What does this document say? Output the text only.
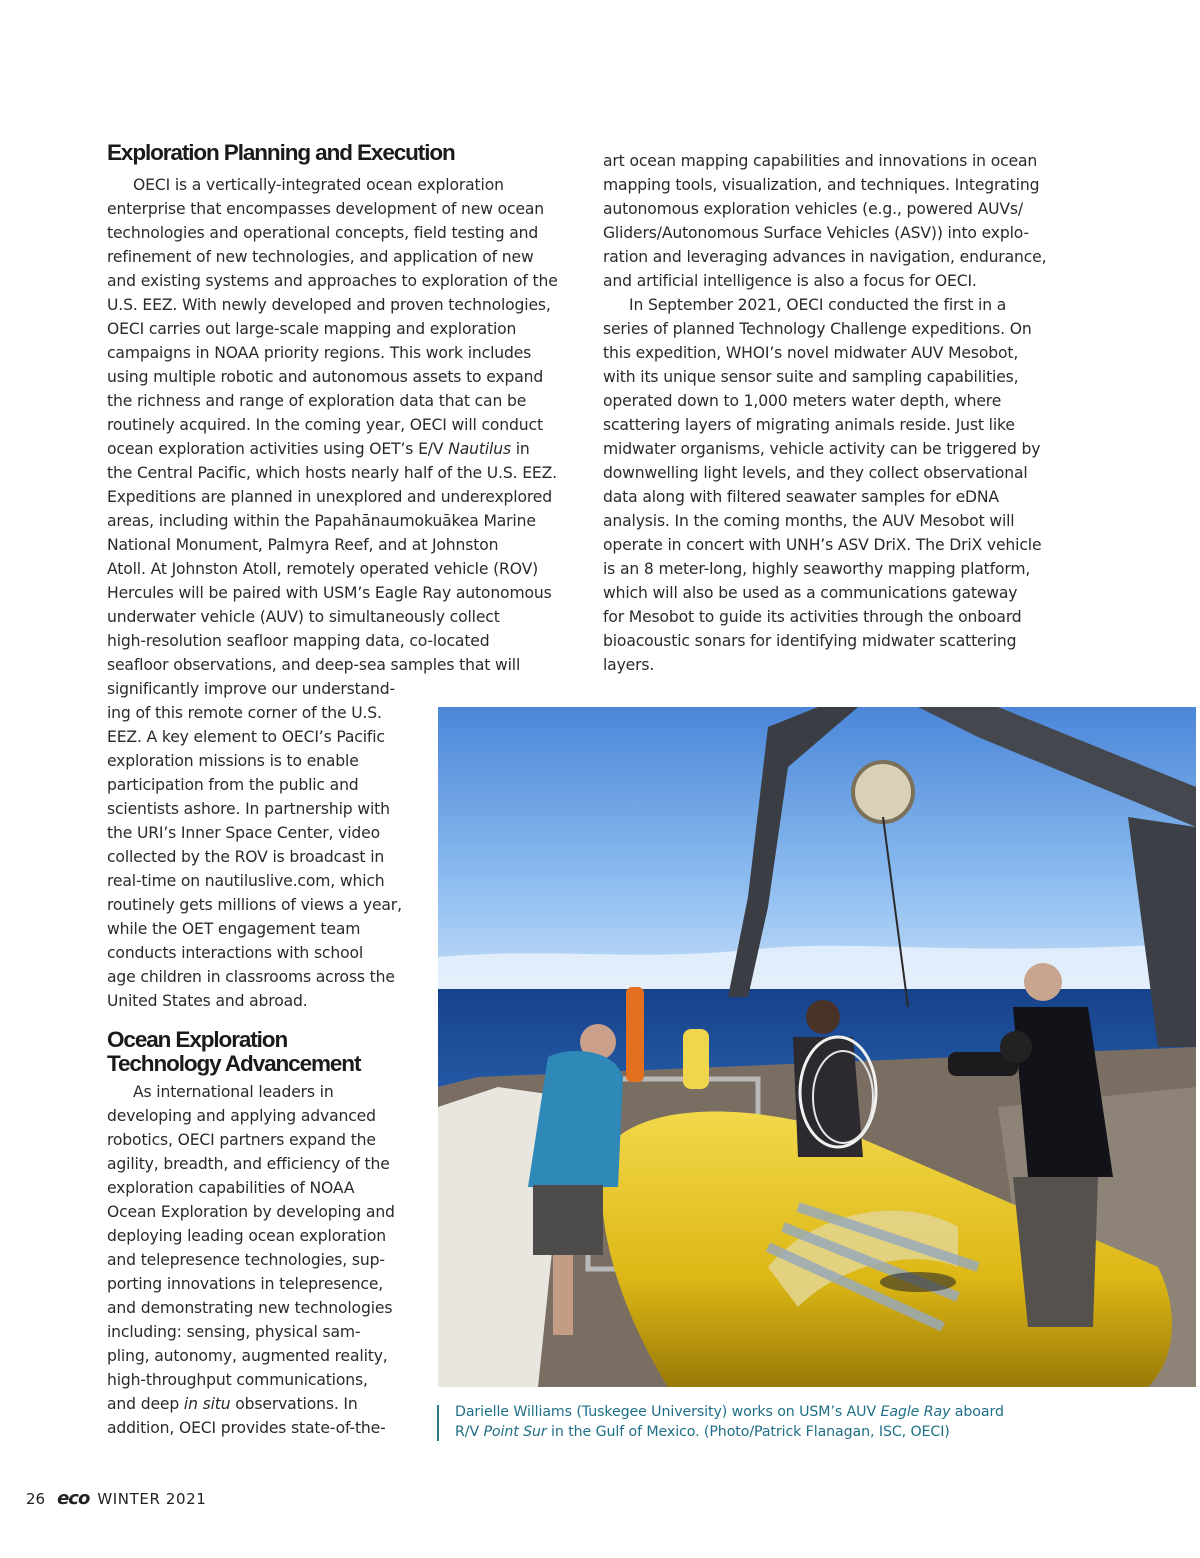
Exploration Planning and Execution
OECI is a vertically-integrated ocean exploration
enterprise that encompasses development of new ocean
technologies and operational concepts, field testing and
refinement of new technologies, and application of new
and existing systems and approaches to exploration of the
U.S. EEZ. With newly developed and proven technologies,
OECI carries out large-scale mapping and exploration
campaigns in NOAA priority regions. This work includes
using multiple robotic and autonomous assets to expand
the richness and range of exploration data that can be
routinely acquired. In the coming year, OECI will conduct
ocean exploration activities using OET’s E/V Nautilus in
the Central Pacific, which hosts nearly half of the U.S. EEZ.
Expeditions are planned in unexplored and underexplored
areas, including within the Papahānaumokuākea Marine
National Monument, Palmyra Reef, and at Johnston
Atoll. At Johnston Atoll, remotely operated vehicle (ROV)
Hercules will be paired with USM’s Eagle Ray autonomous
underwater vehicle (AUV) to simultaneously collect
high-resolution seafloor mapping data, co-located
seafloor observations, and deep-sea samples that will
significantly improve our understand-
ing of this remote corner of the U.S.
EEZ. A key element to OECI’s Pacific
exploration missions is to enable
participation from the public and
scientists ashore. In partnership with
the URI’s Inner Space Center, video
collected by the ROV is broadcast in
real-time on nautiluslive.com, which
routinely gets millions of views a year,
while the OET engagement team
conducts interactions with school
age children in classrooms across the
United States and abroad.
Ocean Exploration
Technology Advancement
As international leaders in
developing and applying advanced
robotics, OECI partners expand the
agility, breadth, and efficiency of the
exploration capabilities of NOAA
Ocean Exploration by developing and
deploying leading ocean exploration
and telepresence technologies, sup-
porting innovations in telepresence,
and demonstrating new technologies
including: sensing, physical sam-
pling, autonomy, augmented reality,
high-throughput communications,
and deep in situ observations. In
addition, OECI provides state-of-the-
art ocean mapping capabilities and innovations in ocean
mapping tools, visualization, and techniques. Integrating
autonomous exploration vehicles (e.g., powered AUVs/
Gliders/Autonomous Surface Vehicles (ASV)) into explo-
ration and leveraging advances in navigation, endurance,
and artificial intelligence is also a focus for OECI.
In September 2021, OECI conducted the first in a
series of planned Technology Challenge expeditions. On
this expedition, WHOI’s novel midwater AUV Mesobot,
with its unique sensor suite and sampling capabilities,
operated down to 1,000 meters water depth, where
scattering layers of migrating animals reside. Just like
midwater organisms, vehicle activity can be triggered by
downwelling light levels, and they collect observational
data along with filtered seawater samples for eDNA
analysis. In the coming months, the AUV Mesobot will
operate in concert with UNH’s ASV DriX. The DriX vehicle
is an 8 meter-long, highly seaworthy mapping platform,
which will also be used as a communications gateway
for Mesobot to guide its activities through the onboard
bioacoustic sonars for identifying midwater scattering
layers.
Darielle Williams (Tuskegee University) works on USM’s AUV Eagle Ray aboard
R/V Point Sur in the Gulf of Mexico. (Photo/Patrick Flanagan, ISC, OECI)
26 eco WINTER 2021
